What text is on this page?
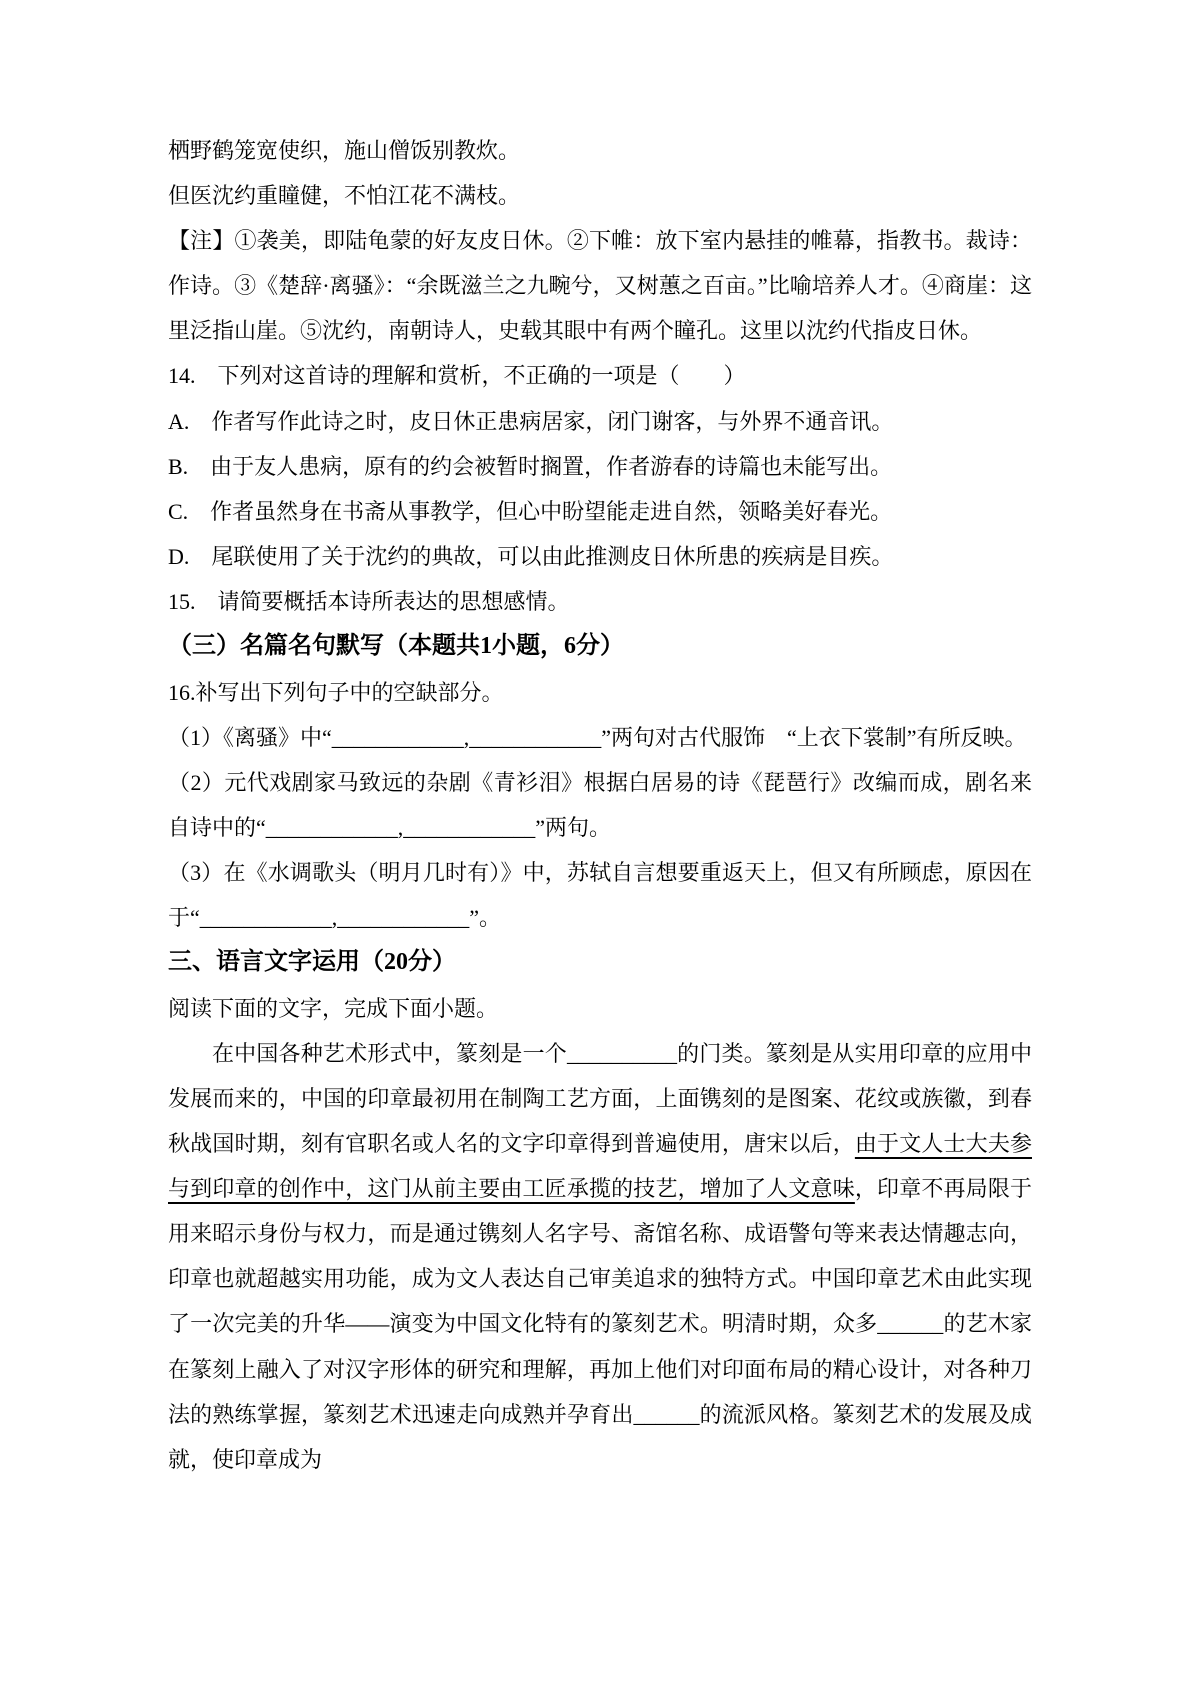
栖野鹤笼宽使织，施山僧饭别教炊。

但医沈约重瞳健，不怕江花不满枝。

【注】①袭美，即陆龟蒙的好友皮日休。②下帷：放下室内悬挂的帷幕，指教书。裁诗：作诗。③《楚辞·离骚》：“余既滋兰之九畹兮，又树蕙之百亩。”比喻培养人才。④商崖：这里泛指山崖。⑤沈约，南朝诗人，史载其眼中有两个瞳孔。这里以沈约代指皮日休。

14.　下列对这首诗的理解和赏析，不正确的一项是（　　）

A.　作者写作此诗之时，皮日休正患病居家，闭门谢客，与外界不通音讯。

B.　由于友人患病，原有的约会被暂时搁置，作者游春的诗篇也未能写出。

C.　作者虽然身在书斋从事教学，但心中盼望能走进自然，领略美好春光。

D.　尾联使用了关于沈约的典故，可以由此推测皮日休所患的疾病是目疾。

15.　请简要概括本诗所表达的思想感情。

（三）名篇名句默写（本题共1小题，6分）

16.补写出下列句子中的空缺部分。

（1）《离骚》中“____________,____________”两句对古代服饰　“上衣下裳制”有所反映。

（2）元代戏剧家马致远的杂剧《青衫泪》根据白居易的诗《琵琶行》改编而成，剧名来自诗中的“____________,____________”两句。

（3）在《水调歌头（明月几时有）》中，苏轼自言想要重返天上，但又有所顾虑，原因在于“____________,____________”。

三、语言文字运用（20分）

阅读下面的文字，完成下面小题。

在中国各种艺术形式中，篆刻是一个__________的门类。篆刻是从实用印章的应用中发展而来的，中国的印章最初用在制陶工艺方面，上面镌刻的是图案、花纹或族徽，到春秋战国时期，刻有官职名或人名的文字印章得到普遍使用，唐宋以后，由于文人士大夫参与到印章的创作中，这门从前主要由工匠承揽的技艺，增加了人文意味，印章不再局限于用来昭示身份与权力，而是通过镌刻人名字号、斋馆名称、成语警句等来表达情趣志向，印章也就超越实用功能，成为文人表达自己审美追求的独特方式。中国印章艺术由此实现了一次完美的升华——演变为中国文化特有的篆刻艺术。明清时期，众多______的艺木家在篆刻上融入了对汉字形体的研究和理解，再加上他们对印面布局的精心设计，对各种刀法的熟练掌握，篆刻艺术迅速走向成熟并孕育出______的流派风格。篆刻艺术的发展及成就，使印章成为
